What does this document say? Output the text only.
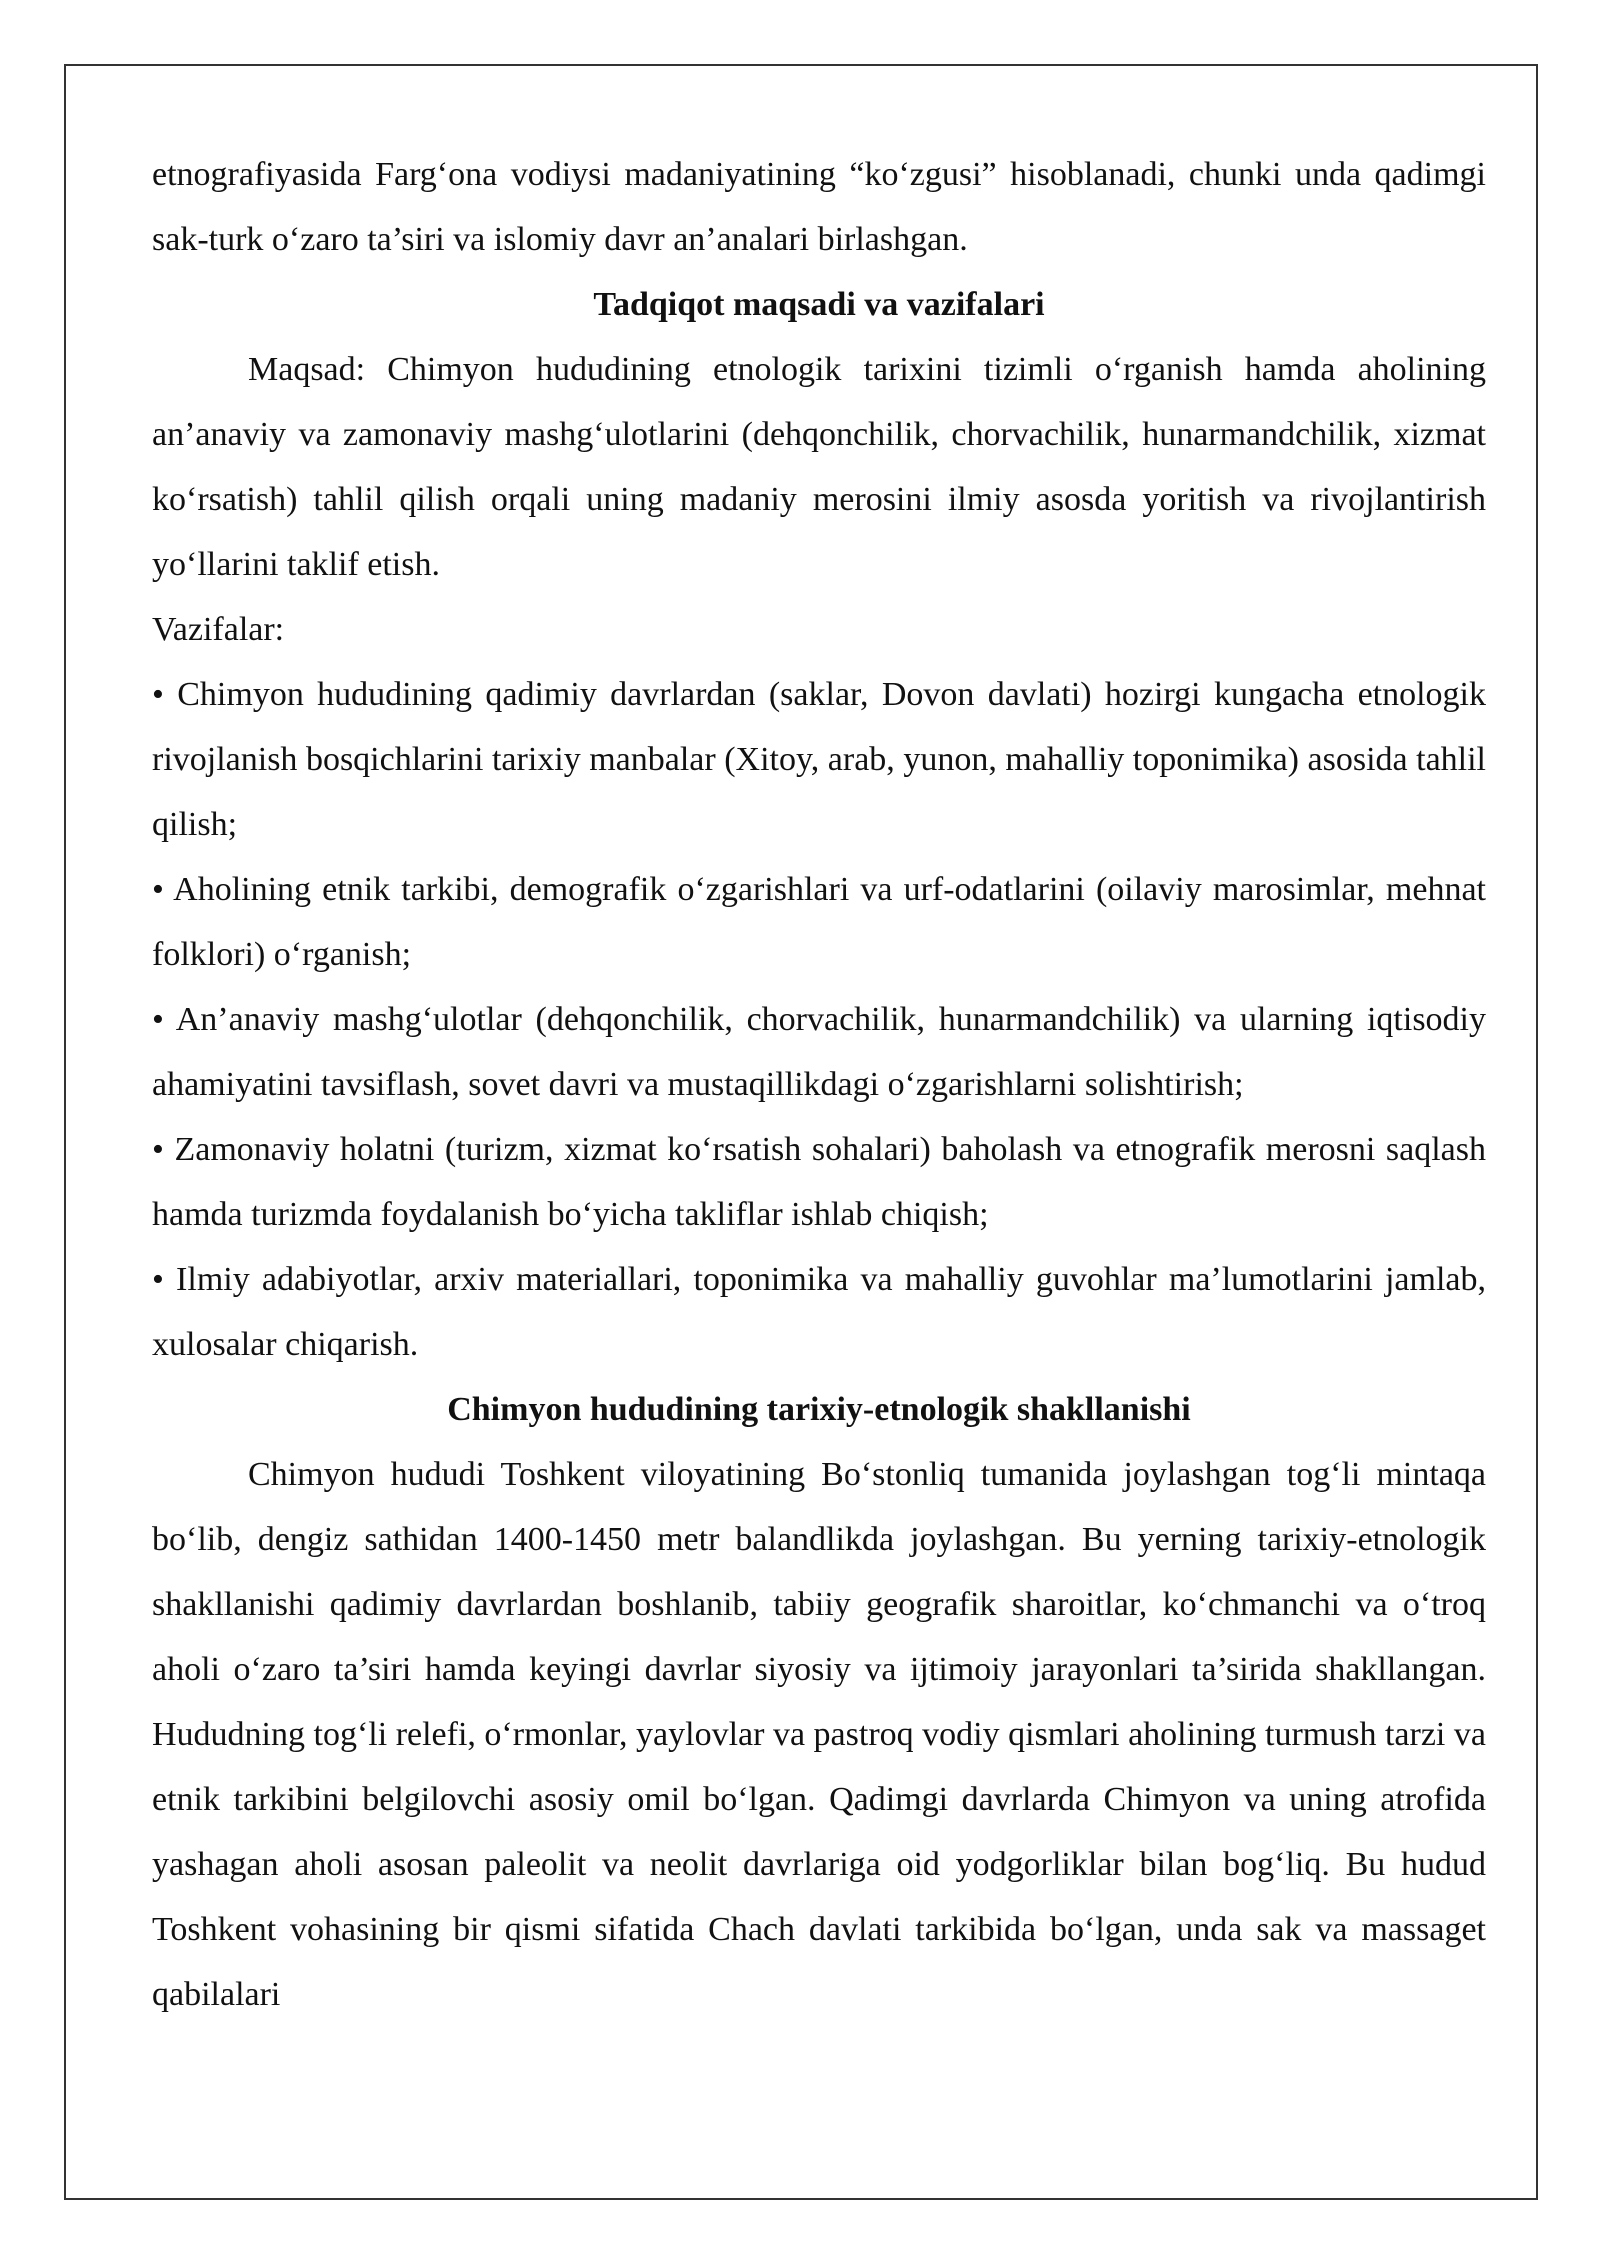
etnografiyasida Farg‘ona vodiysi madaniyatining “ko‘zgusi” hisoblanadi, chunki unda qadimgi sak-turk o‘zaro ta’siri va islomiy davr an’analari birlashgan.

Tadqiqot maqsadi va vazifalari

Maqsad: Chimyon hududining etnologik tarixini tizimli o‘rganish hamda aholining an’anaviy va zamonaviy mashg‘ulotlarini (dehqonchilik, chorvachilik, hunarmandchilik, xizmat ko‘rsatish) tahlil qilish orqali uning madaniy merosini ilmiy asosda yoritish va rivojlantirish yo‘llarini taklif etish.

Vazifalar:

• Chimyon hududining qadimiy davrlardan (saklar, Dovon davlati) hozirgi kungacha etnologik rivojlanish bosqichlarini tarixiy manbalar (Xitoy, arab, yunon, mahalliy toponimika) asosida tahlil qilish;
• Aholining etnik tarkibi, demografik o‘zgarishlari va urf-odatlarini (oilaviy marosimlar, mehnat folklori) o‘rganish;
• An’anaviy mashg‘ulotlar (dehqonchilik, chorvachilik, hunarmandchilik) va ularning iqtisodiy ahamiyatini tavsiflash, sovet davri va mustaqillikdagi o‘zgarishlarni solishtirish;
• Zamonaviy holatni (turizm, xizmat ko‘rsatish sohalari) baholash va etnografik merosni saqlash hamda turizmda foydalanish bo‘yicha takliflar ishlab chiqish;
• Ilmiy adabiyotlar, arxiv materiallari, toponimika va mahalliy guvohlar ma’lumotlarini jamlab, xulosalar chiqarish.
Chimyon hududining tarixiy-etnologik shakllanishi

Chimyon hududi Toshkent viloyatining Bo‘stonliq tumanida joylashgan tog‘li mintaqa bo‘lib, dengiz sathidan 1400-1450 metr balandlikda joylashgan. Bu yerning tarixiy-etnologik shakllanishi qadimiy davrlardan boshlanib, tabiiy geografik sharoitlar, ko‘chmanchi va o‘troq aholi o‘zaro ta’siri hamda keyingi davrlar siyosiy va ijtimoiy jarayonlari ta’sirida shakllangan. Hududning tog‘li relefi, o‘rmonlar, yaylovlar va pastroq vodiy qismlari aholining turmush tarzi va etnik tarkibini belgilovchi asosiy omil bo‘lgan. Qadimgi davrlarda Chimyon va uning atrofida yashagan aholi asosan paleolit va neolit davrlariga oid yodgorliklar bilan bog‘liq. Bu hudud Toshkent vohasining bir qismi sifatida Chach davlati tarkibida bo‘lgan, unda sak va massaget qabilalari
